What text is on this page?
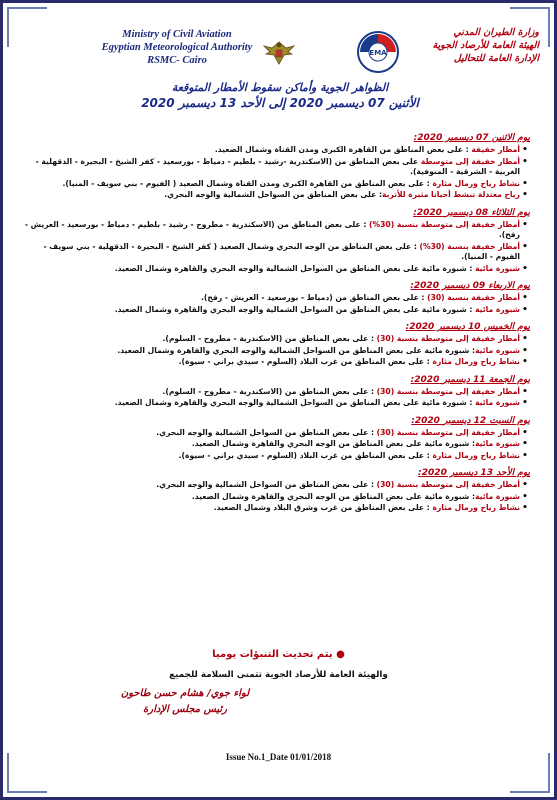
Ministry of Civil Aviation
Egyptian Meteorological Authority
RSMC- Cairo
EMA
وزارة الطيران المدني
الهيئة العامة للأرصاد الجوية
الإدارة العامة للتحاليل
الظواهر الجوية وأماكن سقوط الأمطار المتوقعة
الأثنين 07 ديسمبر 2020 إلى الأحد 13 ديسمبر 2020
يوم الاثنين 07 ديسمبر 2020:
•
أمطار خفيفة : على بعض المناطق من القاهرة الكبرى ومدن القناة وشمال الصعيد.
•
أمطار خفيفة إلى متوسطة على بعض المناطق من (الاسكندرية -رشيد - بلطيم - دمياط - بورسعيد - كفر الشيخ - البحيرة - الدقهلية - الغربية - الشرقية - المنوفية).
•
نشاط رياح ورمال مثارة : على بعض المناطق من القاهرة الكبرى ومدن القناة وشمال الصعيد ( الفيوم - بني سويف - المنيا).
•
رياح معتدلة تنشط أحيانا مثيرة للأتربة: على بعض المناطق من السواحل الشمالية والوجه البحري.
يوم الثلاثاء 08 ديسمبر 2020:
•
أمطار خفيفة إلى متوسطة بنسبة (30%) : على بعض المناطق من (الاسكندرية - مطروح - رشيد - بلطيم - دمياط - بورسعيد - العريش - رفح).
•
أمطار خفيفة بنسبة (30%) : على بعض المناطق من الوجه البحري وشمال الصعيد ( كفر الشيخ - البحيرة - الدقهلية - بني سويف - الفيوم - المنيا).
•
شبورة مائية : شبورة مائية على بعض المناطق من السواحل الشمالية والوجه البحري والقاهرة وشمال الصعيد.
يوم الاربعاء 09 ديسمبر 2020:
•
أمطار خفيفة بنسبة (30) : على بعض المناطق من (دمياط - بورسعيد - العريش - رفح).
•
شبورة مائية : شبورة مائية على بعض المناطق من السواحل الشمالية والوجه البحري والقاهرة وشمال الصعيد.
يوم الخميس 10 ديسمبر 2020:
•
أمطار خفيفة إلى متوسطة بنسبة (30) : على بعض المناطق من (الاسكندرية - مطروح - السلوم).
•
شبورة مائية: شبورة مائية على بعض المناطق من السواحل الشمالية والوجه البحري والقاهرة وشمال الصعيد.
•
نشاط رياح ورمال مثارة : على بعض المناطق من غرب البلاد (السلوم - سيدي براني - سيوة).
يوم الجمعة 11 ديسمبر 2020:
•
أمطار خفيفة إلى متوسطة بنسبة (30) : على بعض المناطق من (الاسكندرية - مطروح - السلوم).
•
شبورة مائية : شبورة مائية على بعض المناطق من السواحل الشمالية والوجه البحري والقاهرة وشمال الصعيد.
يوم السبت 12 ديسمبر 2020:
•
أمطار خفيفة إلى متوسطة بنسبة (30) : على بعض المناطق من السواحل الشمالية والوجه البحري.
•
شبورة مائية: شبورة مائية على بعض المناطق من الوجه البحري والقاهرة وشمال الصعيد.
•
نشاط رياح ورمال مثارة : على بعض المناطق من غرب البلاد (السلوم - سيدي براني - سيوة).
يوم الأحد 13 ديسمبر 2020:
•
أمطار خفيفة إلى متوسطة بنسبة (30) : على بعض المناطق من السواحل الشمالية والوجه البحري.
•
شبورة مائية: شبورة مائية على بعض المناطق من الوجه البحري والقاهرة وشمال الصعيد.
•
نشاط رياح ورمال مثارة : على بعض المناطق من غرب وشرق البلاد وشمال الصعيد.
● يتم تحديث التنبؤات يوميا
والهيئة العامة للأرصاد الجوية تتمنى السلامة للجميع
لواء جوي/ هشام حسن طاحون
رئيس مجلس الإدارة
Issue No.1_Date 01/01/2018
